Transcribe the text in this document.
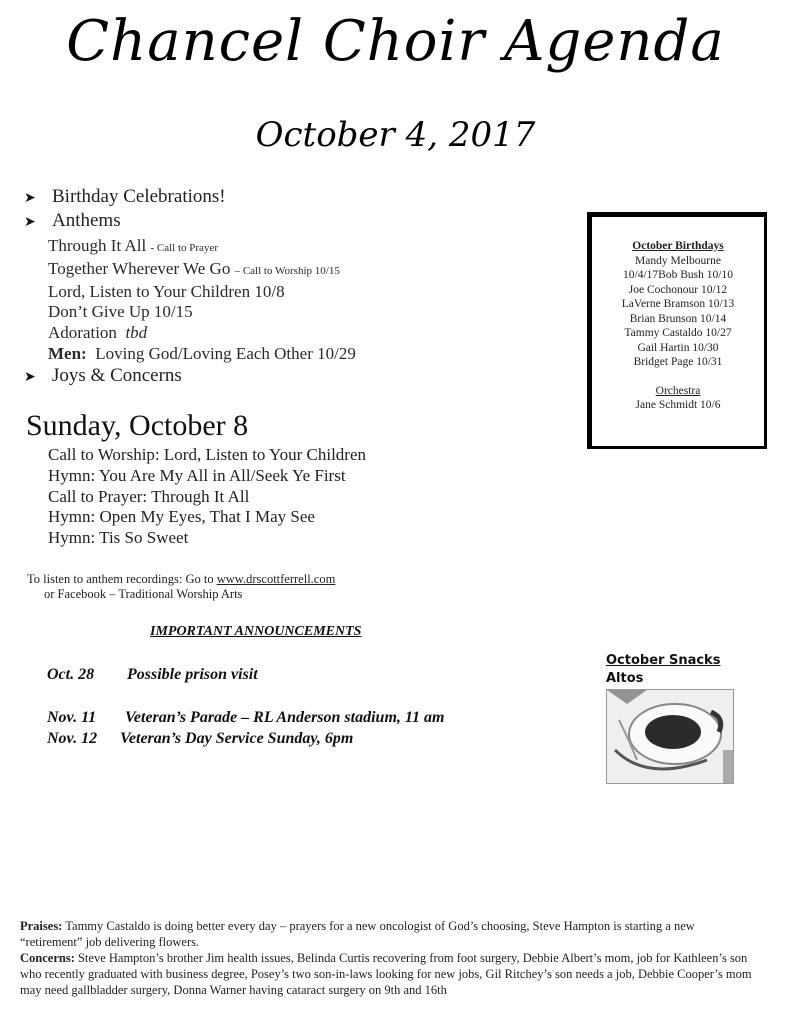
Chancel Choir Agenda
October 4, 2017
➤ Birthday Celebrations!
➤ Anthems
Through It All - Call to Prayer
Together Wherever We Go – Call to Worship 10/15
Lord, Listen to Your Children 10/8
Don’t Give Up 10/15
Adoration tbd
Men: Loving God/Loving Each Other 10/29
➤ Joys & Concerns
October Birthdays
Mandy Melbourne
10/4/17Bob Bush 10/10
Joe Cochonour 10/12
LaVerne Bramson 10/13
Brian Brunson 10/14
Tammy Castaldo 10/27
Gail Hartin 10/30
Bridget Page 10/31
Orchestra
Jane Schmidt 10/6
Sunday, October 8
Call to Worship: Lord, Listen to Your Children
Hymn: You Are My All in All/Seek Ye First
Call to Prayer: Through It All
Hymn: Open My Eyes, That I May See
Hymn: Tis So Sweet
To listen to anthem recordings: Go to www.drscottferrell.com
or Facebook – Traditional Worship Arts
IMPORTANT ANNOUNCEMENTS
Oct. 28 Possible prison visit
Nov. 11 Veteran’s Parade – RL Anderson stadium, 11 am
Nov. 12 Veteran’s Day Service Sunday, 6pm
October Snacks
Altos

Praises: Tammy Castaldo is doing better every day – prayers for a new oncologist of God’s choosing, Steve Hampton is starting a new “retirement” job delivering flowers.

Concerns: Steve Hampton’s brother Jim health issues, Belinda Curtis recovering from foot surgery, Debbie Albert’s mom, job for Kathleen’s son who recently graduated with business degree, Posey’s two son-in-laws looking for new jobs, Gil Ritchey’s son needs a job, Debbie Cooper’s mom may need gallbladder surgery, Donna Warner having cataract surgery on 9th and 16th
